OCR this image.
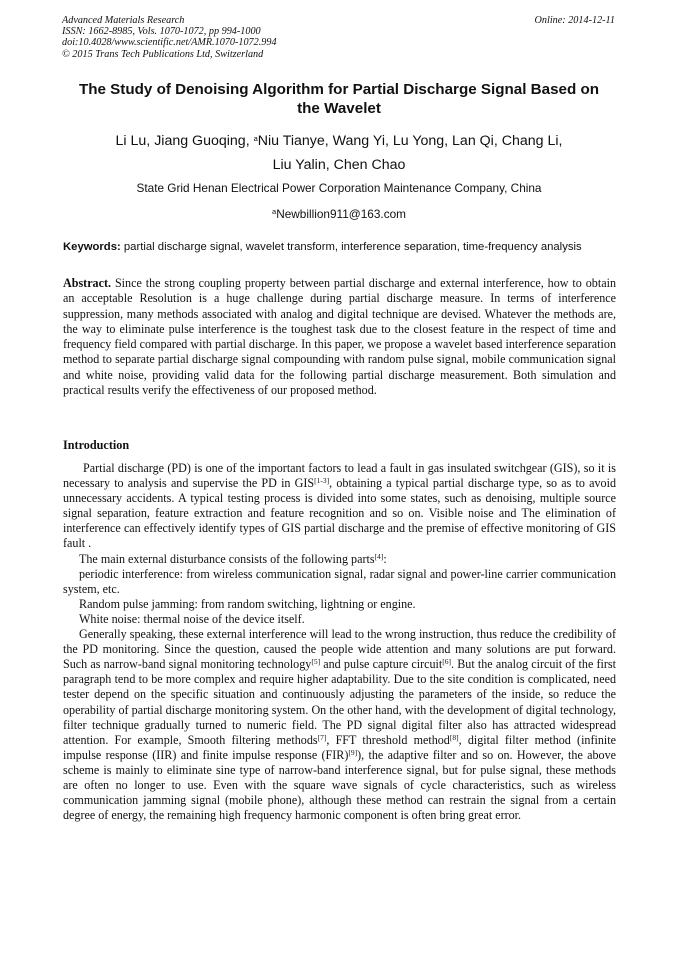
Advanced Materials Research
ISSN: 1662-8985, Vols. 1070-1072, pp 994-1000
doi:10.4028/www.scientific.net/AMR.1070-1072.994
© 2015 Trans Tech Publications Ltd, Switzerland
Online: 2014-12-11
The Study of Denoising Algorithm for Partial Discharge Signal Based on
the Wavelet
Li Lu, Jiang Guoqing, $^a$Niu Tianye, Wang Yi, Lu Yong, Lan Qi, Chang Li,
Liu Yalin, Chen Chao
State Grid Henan Electrical Power Corporation Maintenance Company, China
$^a$Newbillion911@163.com
Keywords: partial discharge signal, wavelet transform, interference separation, time-frequency analysis
Abstract. Since the strong coupling property between partial discharge and external interference, how to obtain an acceptable Resolution is a huge challenge during partial discharge measure. In terms of interference suppression, many methods associated with analog and digital technique are devised. Whatever the methods are, the way to eliminate pulse interference is the toughest task due to the closest feature in the respect of time and frequency field compared with partial discharge. In this paper, we propose a wavelet based interference separation method to separate partial discharge signal compounding with random pulse signal, mobile communication signal and white noise, providing valid data for the following partial discharge measurement. Both simulation and practical results verify the effectiveness of our proposed method.
Introduction

Partial discharge (PD) is one of the important factors to lead a fault in gas insulated switchgear (GIS), so it is necessary to analysis and supervise the PD in GIS[1-3], obtaining a typical partial discharge type, so as to avoid unnecessary accidents. A typical testing process is divided into some states, such as denoising, multiple source signal separation, feature extraction and feature recognition and so on. Visible noise and The elimination of interference can effectively identify types of GIS partial discharge and the premise of effective monitoring of GIS fault .

The main external disturbance consists of the following parts[4]:

periodic interference: from wireless communication signal, radar signal and power-line carrier communication system, etc.

Random pulse jamming: from random switching, lightning or engine.

White noise: thermal noise of the device itself.

Generally speaking, these external interference will lead to the wrong instruction, thus reduce the credibility of the PD monitoring. Since the question, caused the people wide attention and many solutions are put forward. Such as narrow-band signal monitoring technology[5] and pulse capture circuit[6]. But the analog circuit of the first paragraph tend to be more complex and require higher adaptability. Due to the site condition is complicated, need tester depend on the specific situation and continuously adjusting the parameters of the inside, so reduce the operability of partial discharge monitoring system. On the other hand, with the development of digital technology, filter technique gradually turned to numeric field. The PD signal digital filter also has attracted widespread attention. For example, Smooth filtering methods[7], FFT threshold method[8], digital filter method (infinite impulse response (IIR) and finite impulse response (FIR)[9]), the adaptive filter and so on. However, the above scheme is mainly to eliminate sine type of narrow-band interference signal, but for pulse signal, these methods are often no longer to use. Even with the square wave signals of cycle characteristics, such as wireless communication jamming signal (mobile phone), although these method can restrain the signal from a certain degree of energy, the remaining high frequency harmonic component is often bring great error.
